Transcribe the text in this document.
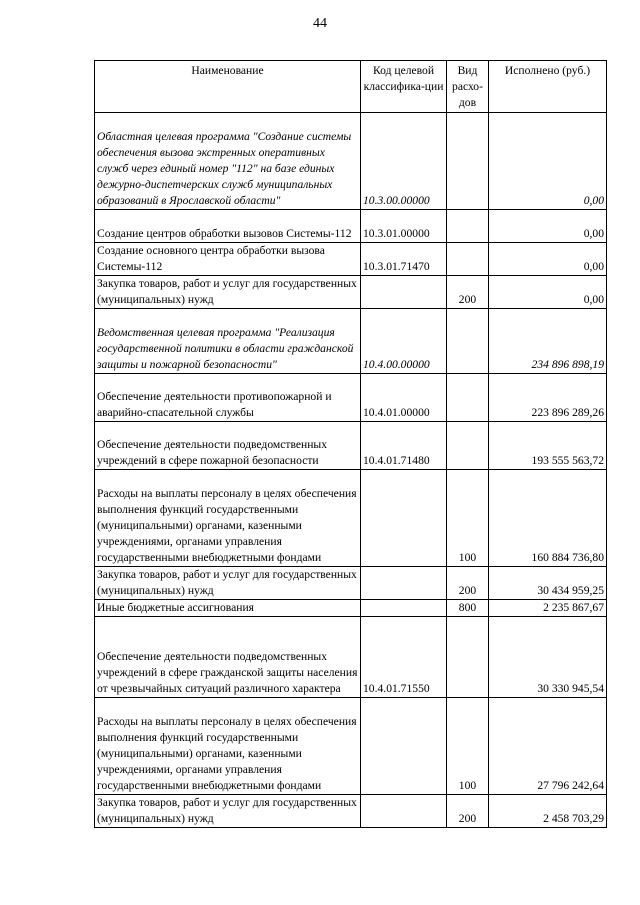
44
Наименование	Код целевой классифика-ции	Вид расхо-дов	Исполнено (руб.)
Областная целевая программа "Создание системы обеспечения вызова экстренных оперативных служб через единый номер "112" на базе единых дежурно-диспетчерских служб муниципальных образований в Ярославской области"	10.3.00.00000		0,00
Создание центров обработки вызовов Системы-112	10.3.01.00000		0,00
Создание основного центра обработки вызова Системы-112	10.3.01.71470		0,00
Закупка товаров, работ и услуг для государственных (муниципальных) нужд		200	0,00
Ведомственная целевая программа "Реализация государственной политики в области гражданской защиты и пожарной безопасности"	10.4.00.00000		234 896 898,19
Обеспечение деятельности противопожарной и аварийно-спасательной службы	10.4.01.00000		223 896 289,26
Обеспечение деятельности подведомственных учреждений в сфере пожарной безопасности	10.4.01.71480		193 555 563,72
Расходы на выплаты персоналу в целях обеспечения выполнения функций государственными (муниципальными) органами, казенными учреждениями, органами управления государственными внебюджетными фондами		100	160 884 736,80
Закупка товаров, работ и услуг для государственных (муниципальных) нужд		200	30 434 959,25
Иные бюджетные ассигнования		800	2 235 867,67
Обеспечение деятельности подведомственных учреждений в сфере гражданской защиты населения от чрезвычайных ситуаций различного характера	10.4.01.71550		30 330 945,54
Расходы на выплаты персоналу в целях обеспечения выполнения функций государственными (муниципальными) органами, казенными учреждениями, органами управления государственными внебюджетными фондами		100	27 796 242,64
Закупка товаров, работ и услуг для государственных (муниципальных) нужд		200	2 458 703,29
